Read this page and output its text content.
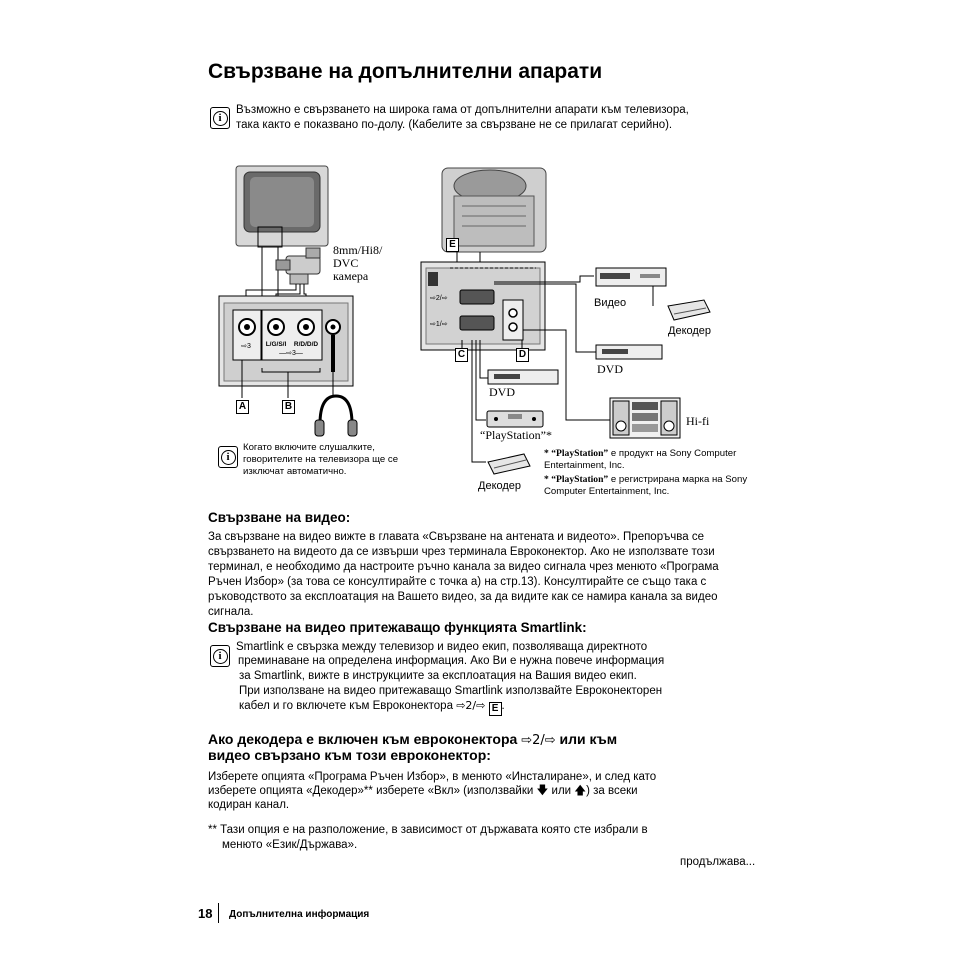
Свързване на допълнителни апарати
i
Възможно е свързването на широка гама от допълнителни апарати към телевизора, така както е показвано по-долу. (Кабелите за свързване не се прилагат серийно).
⇨3 L/G/S/I R/D/D/D
—⇨3—
⇨2/⇨
⇨1/⇨
8mm/Hi8/
DVC
камера
A	B
E
C	D
Видео
Декодер
DVD
DVD
Hi-fi
“PlayStation”*
Декодер
i
Когато включите слушалките, говорителите на телевизора ще се изключат автоматично.
* “PlayStation” е продукт на Sony Computer Entertainment, Inc.
* “PlayStation” е регистрирана марка на Sony Computer Entertainment, Inc.
Свързване на видео:
За свързване на видео вижте в главата «Свързване на антената и видеото». Препоръчва се свързването на видеото да се извърши чрез терминала Евроконектор. Ако не използвате този терминал, е необходимо да настроите ръчно канала за видео сигнала чрез менюто «Програма Ръчен Избор» (за това се консултирайте с точка а) на стр.13). Консултирайте се също така с ръководството за експлоатация на Вашето видео, за да видите как се намира канала за видео сигнала.
Свързване на видео притежаващо функцията Smartlink:
i
Smartlink е свързка между телевизор и видео екип, позволяваща директното
преминаване на определена информация. Ако Ви е нужна повече информация
за Smartlink, вижте в инструкциите за експлоатация на Вашия видео екип.
При използване на видео притежаващо Smartlink използвайте Евроконекторен
кабел и го включете към Евроконектора ⇨2/⇨ E .
Ако декодера е включен към евроконектора ⇨2/⇨ или към
видео свързано към този евроконектор:
Изберете опцията «Програма Ръчен Избор», в менюто «Инсталиране», и след като
изберете опцията «Декодер»** изберете «Вкл» (използвайки 🡇 или 🡅) за всеки
кодиран канал.
** Тази опция е на разположение, в зависимост от държавата която сте избрали в
менюто «Език/Държава».
продължава...
18 Допълнителна информация
